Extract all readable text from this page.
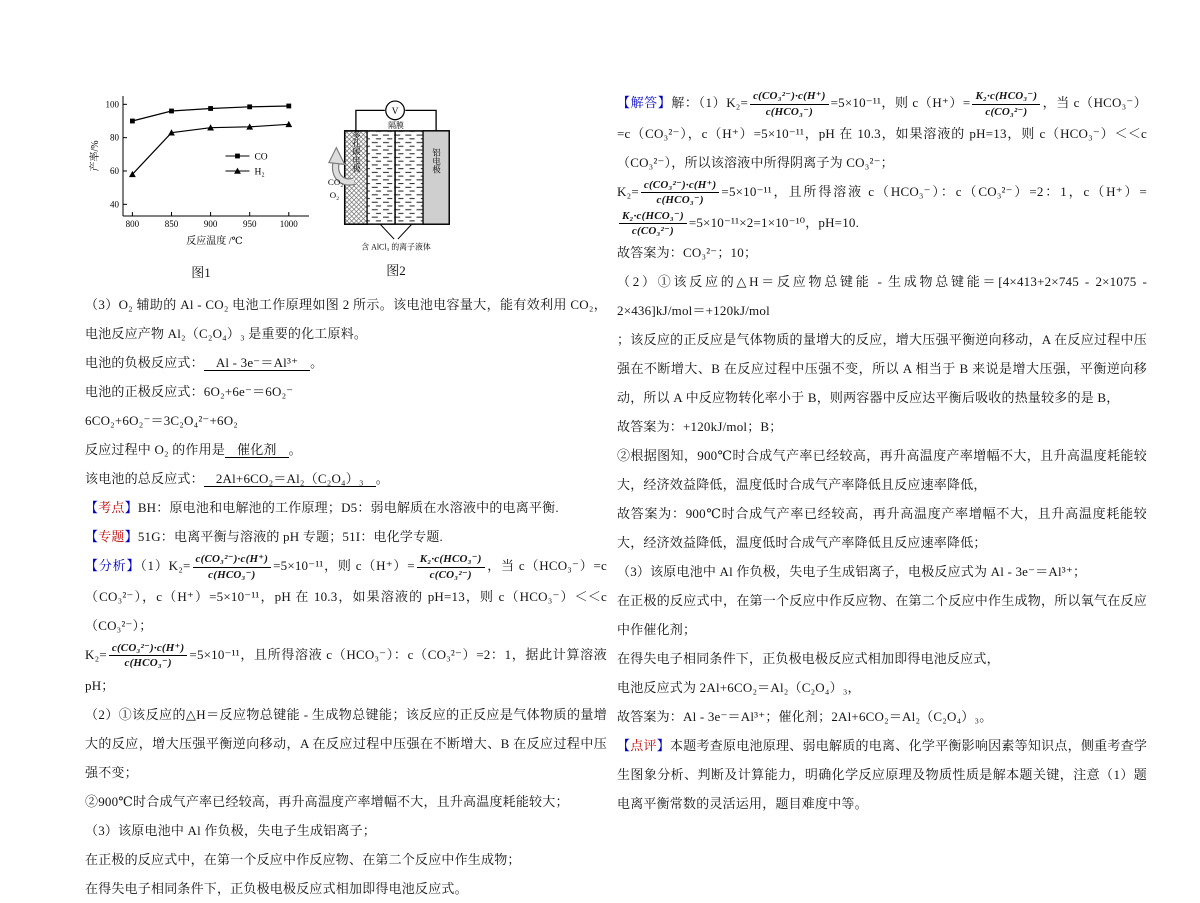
40
60
80
100
800	850	900	950	1000
CO
H₂
反应温度 /℃
产率/%
图1
V
隔膜
多孔碳电极	铝电极
CO₂
O₂
含 AlCl₃ 的离子液体
图2

（3）O₂ 辅助的 Al - CO₂ 电池工作原理如图 2 所示。该电池电容量大，能有效利用 CO₂，电池反应产物 Al₂（C₂O₄）₃ 是重要的化工原料。

电池的负极反应式： Al - 3e⁻＝Al³⁺ 。

电池的正极反应式：6O₂+6e⁻＝6O₂⁻

6CO₂+6O₂⁻＝3C₂O₄²⁻+6O₂

反应过程中 O₂ 的作用是 催化剂 。

该电池的总反应式： 2Al+6CO₂＝Al₂（C₂O₄）₃ 。

【考点】BH：原电池和电解池的工作原理；D5：弱电解质在水溶液中的电离平衡.

【专题】51G：电离平衡与溶液的 pH 专题；51I：电化学专题.

【分析】$(1)K_2= \frac{\text{c(CO₃²⁻)·c(H⁺)}}{\text{c(HCO₃⁻)}} =5\times 10^{-11}$，则 $c(H^+)= \frac{\text{K₂·c(HCO₃⁻)}}{\text{c(CO₃²⁻)}}$ ，当 c（HCO₃⁻）=c（CO₃²⁻），c（H⁺）=5×10⁻¹¹，pH 在 10.3，如果溶液的 pH=13，则 c（HCO₃⁻）＜＜c（CO₃²⁻）；

$K_2= \frac{\text{c(CO₃²⁻)·c(H⁺)}}{\text{c(HCO₃⁻)}} =5\times 10^{-11}$，且所得溶液 c（HCO₃⁻）：c（CO₃²⁻）=2：1，据此计算溶液 pH；

（2）①该反应的△H＝反应物总键能 - 生成物总键能；该反应的正反应是气体物质的量增大的反应，增大压强平衡逆向移动，A 在反应过程中压强在不断增大、B 在反应过程中压强不变；

②900℃时合成气产率已经较高，再升高温度产率增幅不大，且升高温度耗能较大；

（3）该原电池中 Al 作负极，失电子生成铝离子；

在正极的反应式中，在第一个反应中作反应物、在第二个反应中作生成物；

在得失电子相同条件下，正负极电极反应式相加即得电池反应式。

【解答】解：$(1)K_2= \frac{\text{c(CO₃²⁻)·c(H⁺)}}{\text{c(HCO₃⁻)}} =5\times 10^{-11}$，则 $c(H^+)= \frac{\text{K₂·c(HCO₃⁻)}}{\text{c(CO₃²⁻)}}$ ，当 c（HCO₃⁻）=c（CO₃²⁻），c（H⁺）=5×10⁻¹¹，pH 在 10.3，如果溶液的 pH=13，则 c（HCO₃⁻）＜＜c（CO₃²⁻），所以该溶液中所得阴离子为 CO₃²⁻；

$K_2= \frac{\text{c(CO₃²⁻)·c(H⁺)}}{\text{c(HCO₃⁻)}} =5\times 10^{-11}$，且所得溶液 c（HCO₃⁻）：c（CO₃²⁻）=2：1，c（H⁺）=
$\frac{\text{K₂·c(HCO₃⁻)}}{\text{c(CO₃²⁻)}} =5\times 10^{-11}\times 2=1\times 10^{-10}$，pH=10.

故答案为：CO₃²⁻；10；

（2）①该反应的△H＝反应物总键能 - 生成物总键能＝[4×413+2×745 - 2×1075 - 2×436]kJ/mol＝+120kJ/mol

；该反应的正反应是气体物质的量增大的反应，增大压强平衡逆向移动，A 在反应过程中压强在不断增大、B 在反应过程中压强不变，所以 A 相当于 B 来说是增大压强，平衡逆向移动，所以 A 中反应物转化率小于 B，则两容器中反应达平衡后吸收的热量较多的是 B，

故答案为：+120kJ/mol；B；

②根据图知，900℃时合成气产率已经较高，再升高温度产率增幅不大，且升高温度耗能较大，经济效益降低，温度低时合成气产率降低且反应速率降低，

故答案为：900℃时合成气产率已经较高，再升高温度产率增幅不大，且升高温度耗能较大，经济效益降低，温度低时合成气产率降低且反应速率降低；

（3）该原电池中 Al 作负极，失电子生成铝离子，电极反应式为 Al - 3e⁻＝Al³⁺；

在正极的反应式中，在第一个反应中作反应物、在第二个反应中作生成物，所以氧气在反应中作催化剂；

在得失电子相同条件下，正负极电极反应式相加即得电池反应式，

电池反应式为 2Al+6CO₂＝Al₂（C₂O₄）₃，

故答案为：Al - 3e⁻＝Al³⁺；催化剂；2Al+6CO₂＝Al₂（C₂O₄）₃。

【点评】本题考查原电池原理、弱电解质的电离、化学平衡影响因素等知识点，侧重考查学生图象分析、判断及计算能力，明确化学反应原理及物质性质是解本题关键，注意（1）题电离平衡常数的灵活运用，题目难度中等。
